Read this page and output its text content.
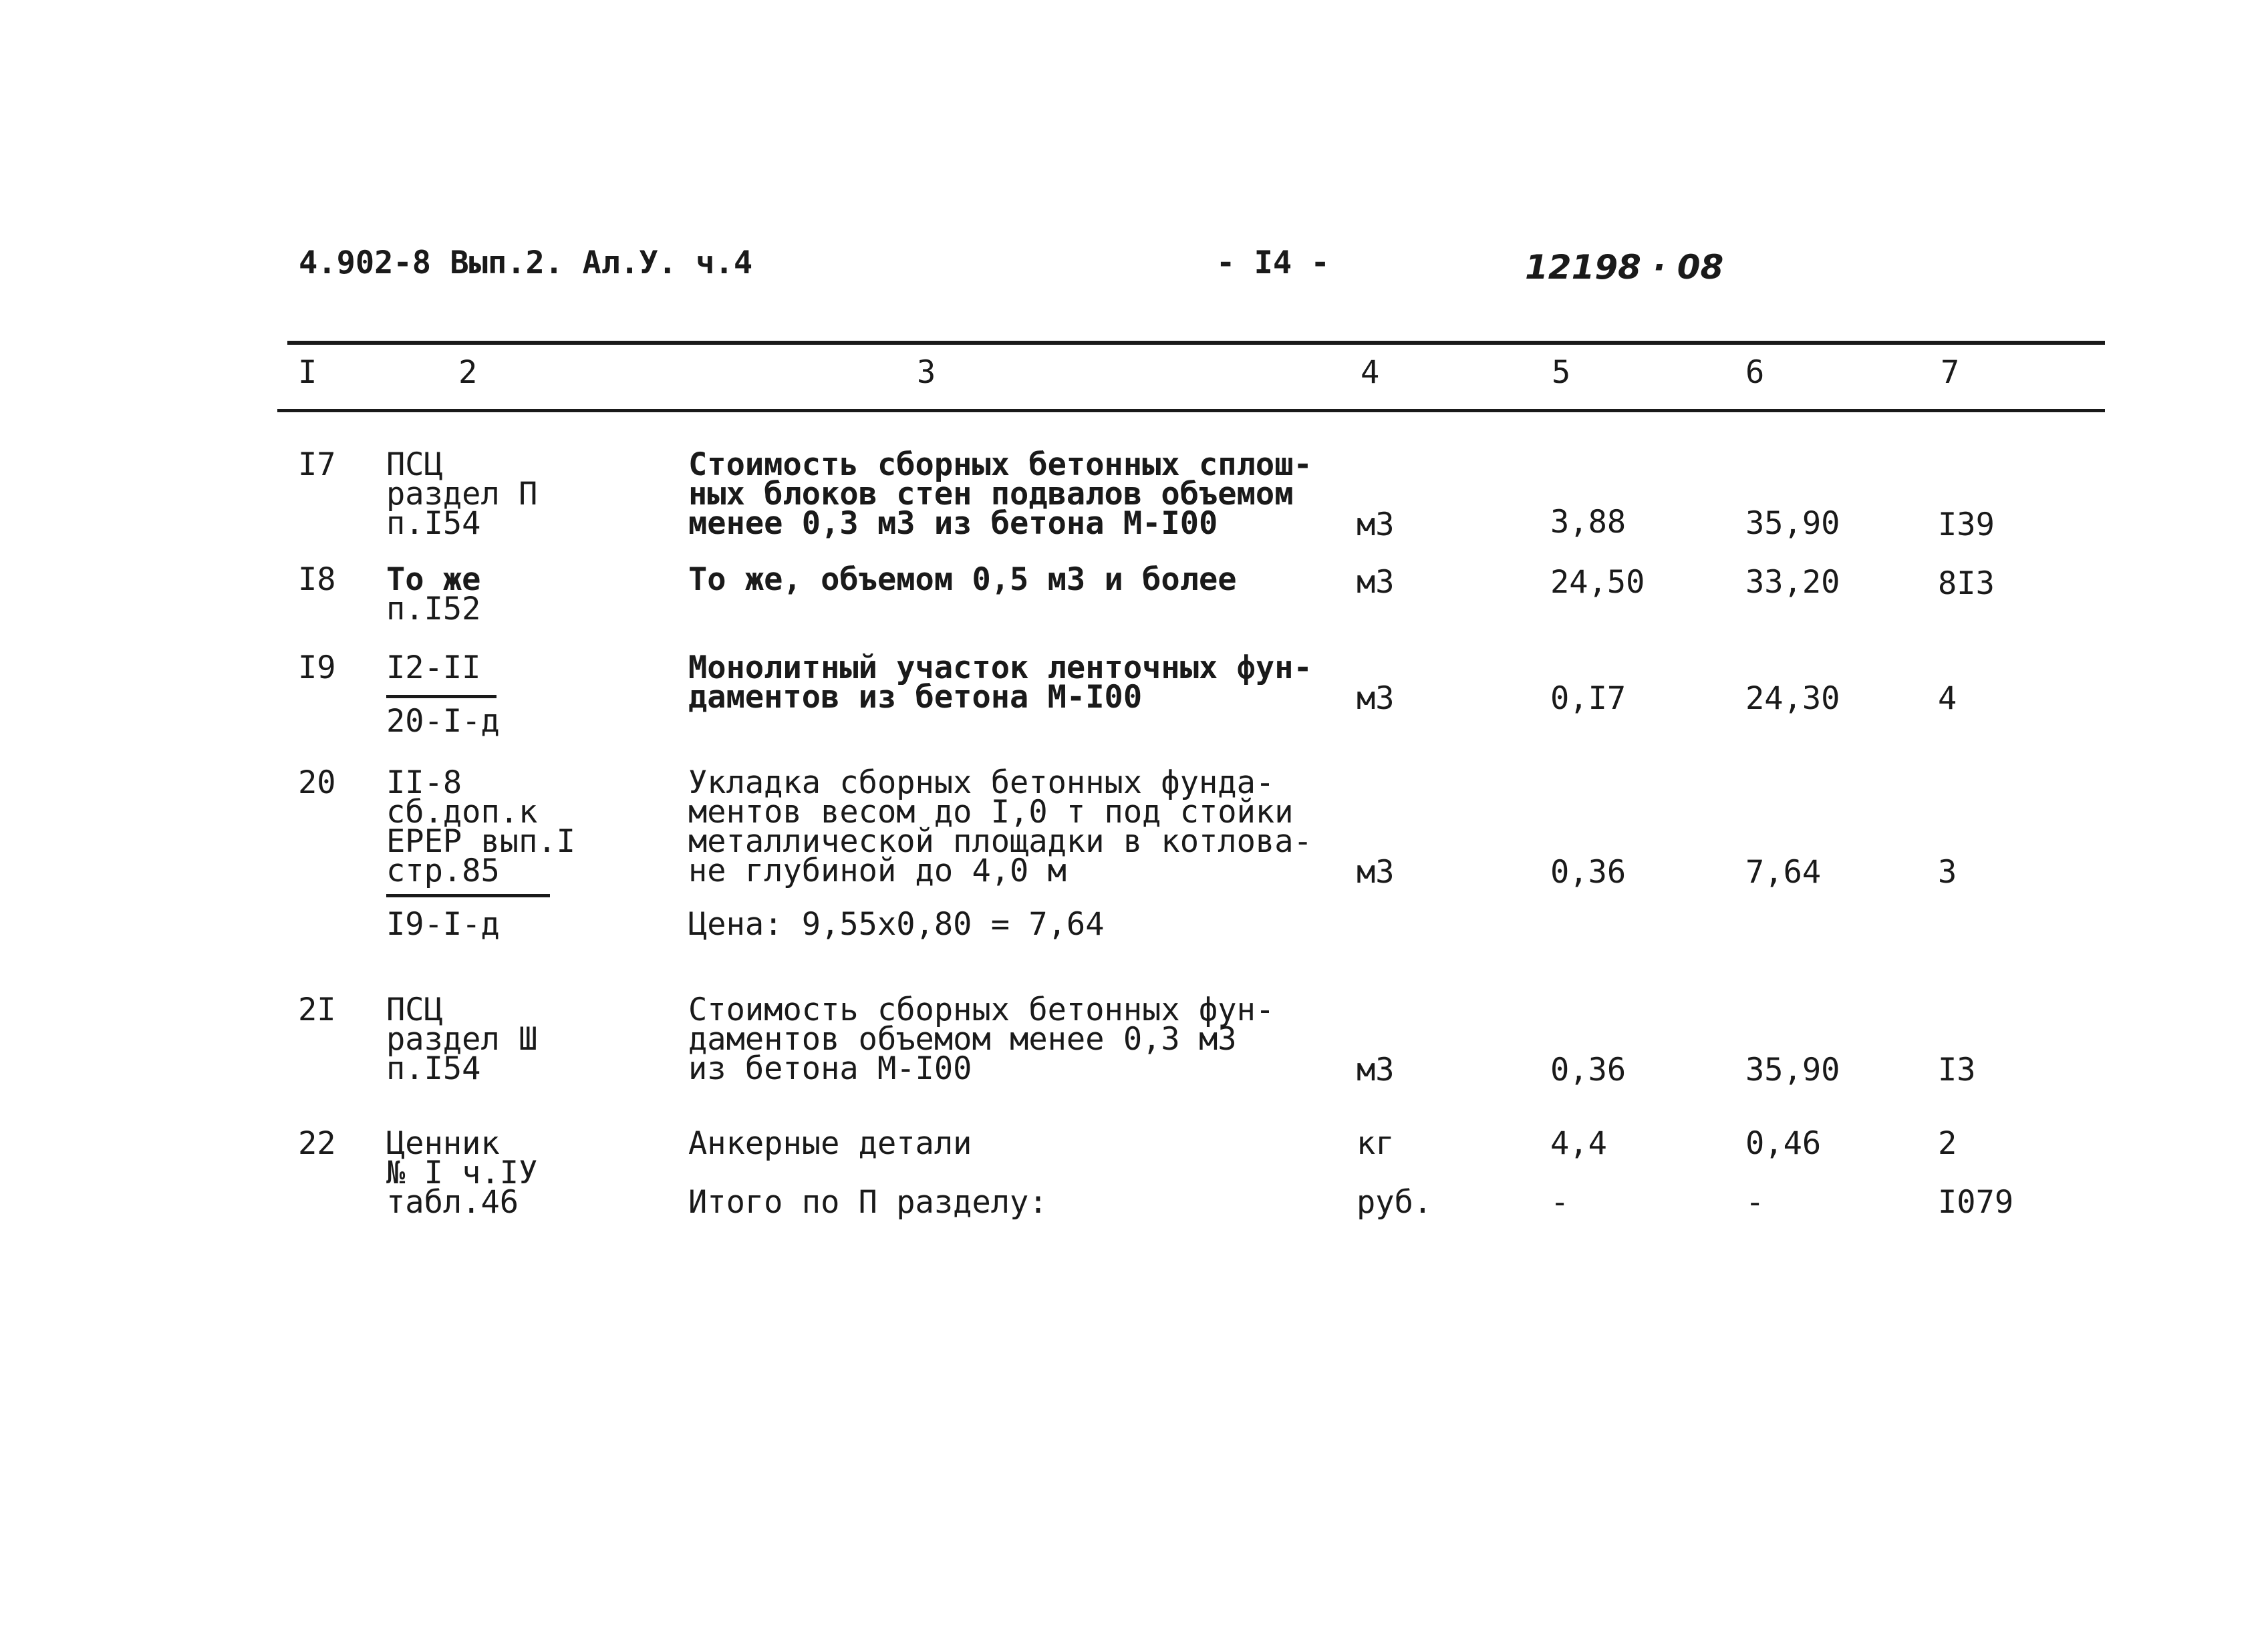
4.902-8 Вып.2. Ал.У. ч.4	- I4 -	12198 · 08
I	2	3	4	5	6	7
I7 ПСЦ
раздел П
п.I54
Стоимость сборных бетонных сплош-
ных блоков стен подвалов объемом
менее 0,3 м3 из бетона М-I00	м3	3,88	35,90	I39
I8 То же
п.I52
То же, объемом 0,5 м3 и более	м3	24,50	33,20	8I3
I9 I2-II
20-I-д
Монолитный участок ленточных фун-
даментов из бетона М-I00	м3	0,I7	24,30	4
20 II-8
сб.доп.к
ЕРЕР вып.I
стр.85
I9-I-д
Укладка сборных бетонных фунда-
ментов весом до I,0 т под стойки
металлической площадки в котлова-
не глубиной до 4,0 м
Цена: 9,55х0,80 = 7,64
м3	0,36	7,64	3
2I ПСЦ
раздел Ш
п.I54
Стоимость сборных бетонных фун-
даментов объемом менее 0,3 м3
из бетона М-I00	м3	0,36	35,90	I3
22 Ценник
№ I ч.IУ
табл.46
Анкерные детали	кг	4,4	0,46	2
Итого по П разделу:	руб.	-	-	I079
